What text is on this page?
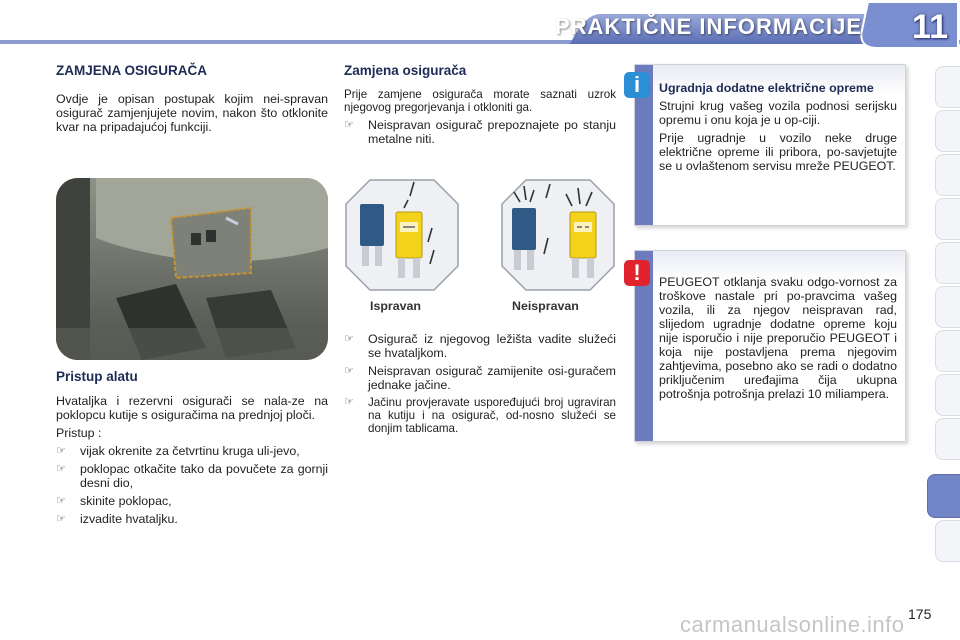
PRAKTIČNE INFORMACIJE 11
ZAMJENA OSIGURAČA

Ovdje je opisan postupak kojim nei-spravan osigurač zamjenjujete novim, nakon što otklonite kvar na pripadajućoj funkciji.

Pristup alatu

Hvataljka i rezervni osigurači se nala-ze na poklopcu kutije s osiguračima na prednjoj ploči.

Pristup :

☞ vijak okrenite za četvrtinu kruga uli-jevo,
☞ poklopac otkačite tako da povučete za gornji desni dio,
☞ skinite poklopac,
☞ izvadite hvataljku.
Zamjena osigurača

Prije zamjene osigurača morate saznati uzrok njegovog pregorjevanja i otkloniti ga.

☞ Neispravan osigurač prepoznajete po stanju metalne niti.
Ispravan	Neispravan
☞ Osigurač iz njegovog ležišta vadite služeći se hvataljkom.
☞ Neispravan osigurač zamijenite osi-guračem jednake jačine.
☞ Jačinu provjeravate uspoređujući broj ugraviran na kutiju i na osigurač, od-nosno služeći se donjim tablicama.

Ugradnja dodatne električne opreme

Strujni krug vašeg vozila podnosi serijsku opremu i onu koja je u op-ciji.

Prije ugradnje u vozilo neke druge električne opreme ili pribora, po-savjetujte se u ovlaštenom servisu mreže PEUGEOT.

i

PEUGEOT otklanja svaku odgo-vornost za troškove nastale pri po-pravcima vašeg vozila, ili za njegov neispravan rad, slijedom ugradnje dodatne opreme koju nije isporučio i nije preporučio PEUGEOT i koja nije postavljena prema njegovim zahtjevima, posebno ako se radi o dodatno priključenim uređajima čija ukupna potrošnja potrošnja prelazi 10 miliampera.

!
carmanualsonline.info 175
